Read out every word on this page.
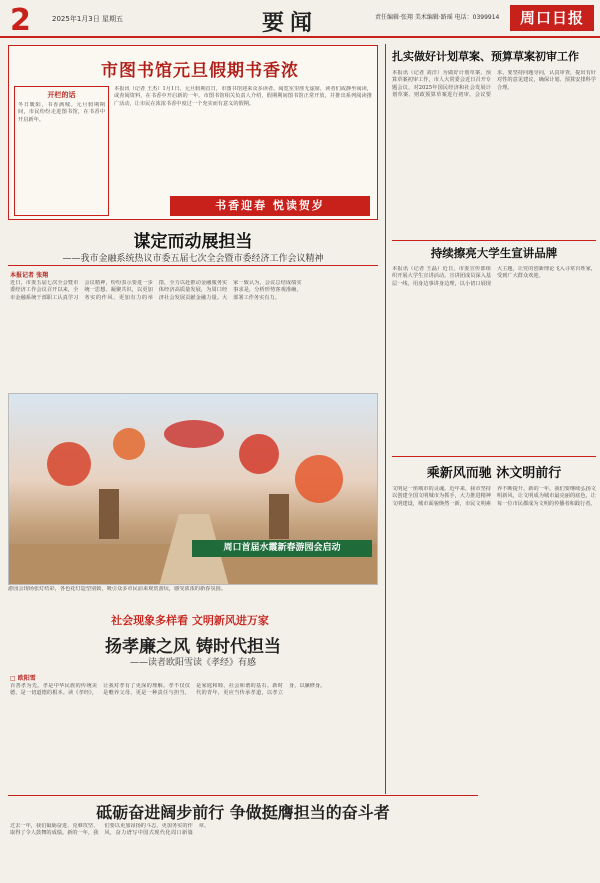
2	2025年1月3日 星期五	要闻	责任编辑·张翔 美术编辑·路瑶 电话：0399914	周口日报
市图书馆元旦假期书香浓
开栏的话
冬日暖阳，书香满城。元旦假期期间，市民纷纷走进图书馆，在书香中开启新年。
本报讯（记者 王杰）1月1日，元旦假期首日，市图书馆迎来众多读者。阅览室里座无虚席，读者们或静坐阅读，或查阅资料，在书香中开启新的一年。市图书馆相关负责人介绍，假期期间图书馆正常开放，并推出系列阅读推广活动，让市民在浓浓书香中度过一个充实而有意义的假期。
书香迎春 悦读贺岁
谋定而动展担当
——我市金融系统热议市委五届七次全会暨市委经济工作会议精神
本报记者 张翔
近日，市委五届七次全会暨市委经济工作会议召开以来，全市金融系统干部职工认真学习会议精神，纷纷表示要进一步统一思想、凝聚共识，以更加务实的作风、更加有力的举措，全力以赴推动金融服务实体经济高质量发展，为周口经济社会发展贡献金融力量。大家一致认为，会议总结成绩实事求是，分析形势客观准确，部署工作务实有力。
周口首届水霞新春游园会启动
游园会现场张灯结彩，各色花灯造型别致，吸引众多市民前来观赏游玩，感受浓浓的新春氛围。
社会现象多样看 文明新风进万家
扬孝廉之风 铸时代担当
——读者欧阳雪读《孝经》有感
□ 欧阳雪
百善孝为先。孝是中华民族的传统美德，是一切道德的根本。读《孝经》，让我对孝有了更深的理解。孝不仅仅是赡养父母，更是一种责任与担当，是家庭和睦、社会和谐的基石。新时代的青年，更应当传承孝道，以孝立身，以廉修身。
砥砺奋进阔步前行 争做挺膺担当的奋斗者
过去一年，我们砥砺奋进、克难攻坚，取得了令人鼓舞的成绩。新的一年，我们要以更加昂扬的斗志、更加务实的作风，奋力谱写中国式现代化周口新篇章。
扎实做好计划草案、预算草案初审工作
本报讯（记者 刘洋）为做好计划草案、预算草案初审工作，市人大常委会近日召开专题会议，对2025年国民经济和社会发展计划草案、财政预算草案进行初审。会议要求，要坚持问题导向，认真审查，提出有针对性的意见建议，确保计划、预算安排科学合理。
持续擦亮大学生宣讲品牌
本报讯（记者 王磊）近日，市委宣传部组织开展大学生宣讲活动。宣讲团成员深入基层一线，用身边事讲身边理，以小切口展现大主题，让党的创新理论飞入寻常百姓家，受到广大群众欢迎。
乘新风而驰 沐文明前行
文明是一座城市的灵魂。近年来，我市坚持以创建全国文明城市为抓手，大力推进精神文明建设，城市面貌焕然一新，市民文明素养不断提升。新的一年，我们要继续弘扬文明新风，让文明成为城市最亮丽的底色，让每一位市民都成为文明的传播者和践行者。
